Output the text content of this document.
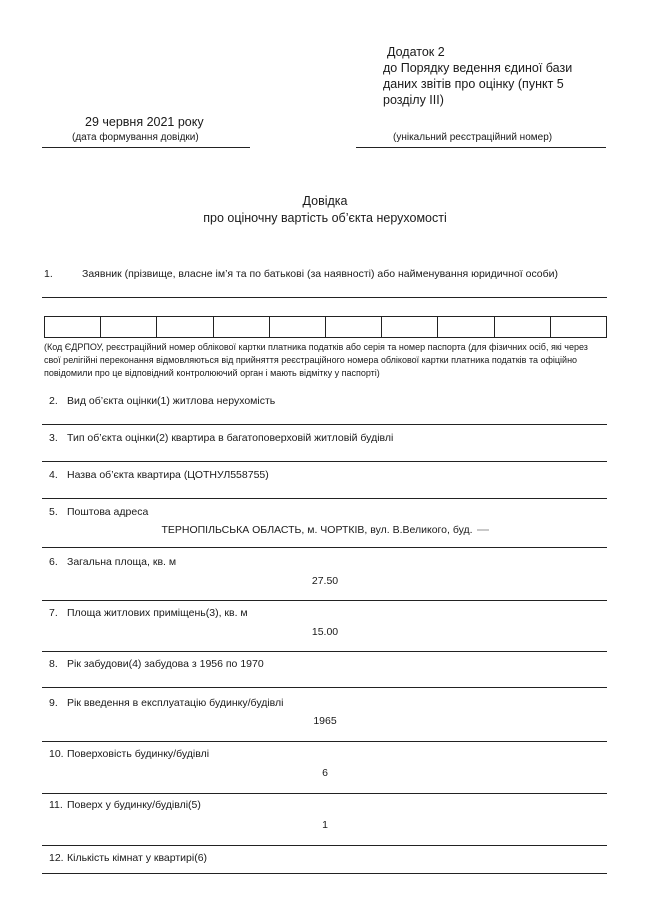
Додаток 2
до Порядку ведення єдиної бази
даних звітів про оцінку (пункт 5
розділу III)
29 червня 2021 року
(дата формування довідки)	(унікальний реєстраційний номер)
Довідка
про оціночну вартість об’єкта нерухомості
1.	Заявник (прізвище, власне ім’я та по батькові (за наявності) або найменування юридичної особи)
(Код ЄДРПОУ, реєстраційний номер облікової картки платника податків або серія та номер паспорта (для фізичних осіб, які через
свої релігійні переконання відмовляються від прийняття реєстраційного номера облікової картки платника податків та офіційно
повідомили про це відповідний контролюючий орган і мають відмітку у паспорті)
2. Вид об’єкта оцінки(1) житлова нерухомість
3. Тип об’єкта оцінки(2) квартира в багатоповерховій житловій будівлі
4. Назва об’єкта квартира (ЦОТНУЛ558755)
5. Поштова адреса
ТЕРНОПІЛЬСЬКА ОБЛАСТЬ, м. ЧОРТКІВ, вул. В.Великого, буд.
6. Загальна площа, кв. м
27.50
7. Площа житлових приміщень(3), кв. м
15.00
8. Рік забудови(4) забудова з 1956 по 1970
9. Рік введення в експлуатацію будинку/будівлі
1965
10. Поверховість будинку/будівлі
6
11. Поверх у будинку/будівлі(5)
1
12. Кількість кімнат у квартирі(6)
